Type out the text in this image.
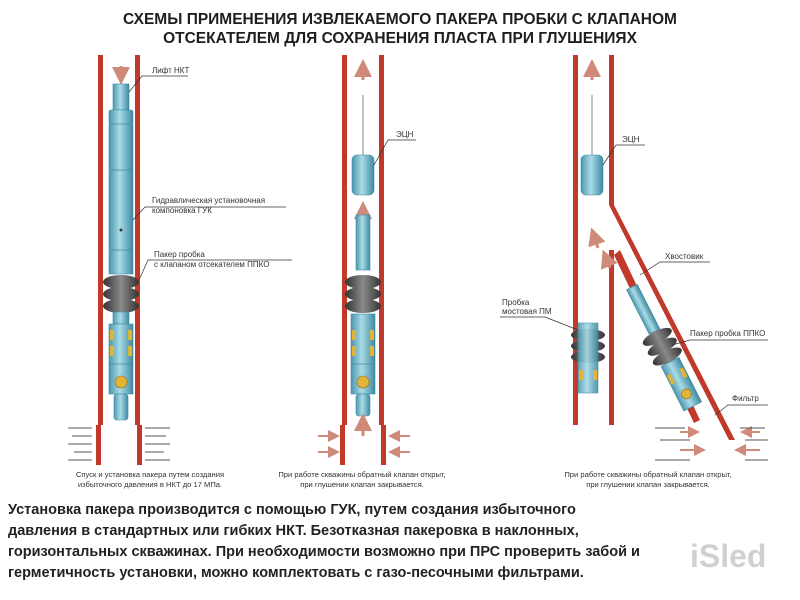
СХЕМЫ ПРИМЕНЕНИЯ ИЗВЛЕКАЕМОГО ПАКЕРА ПРОБКИ С КЛАПАНОМ
ОТСЕКАТЕЛЕМ ДЛЯ СОХРАНЕНИЯ ПЛАСТА ПРИ ГЛУШЕНИЯХ
Лифт НКТ
Гидравлическая установочная
компоновка ГУК
Пакер пробка
с клапаном отсекателем ППКО
Спуск и установка пакера путем создания
избыточного давления в НКТ до 17 МПа.
ЭЦН
При работе скважины обратный клапан открыт,
при глушении клапан закрывается.
ЭЦН
Пробка
мостовая ПМ
Хвостовик
Пакер пробка ППКО
Фильтр
При работе скважины обратный клапан открыт,
при глушении клапан закрывается.
Установка пакера производится с помощью ГУК, путем создания избыточного
давления в стандартных или гибких НКТ. Безотказная пакеровка в наклонных,
горизонтальных скважинах. При необходимости возможно при ПРС проверить забой и
герметичность установки, можно комплектовать с газо-песочными фильтрами.	iSled
